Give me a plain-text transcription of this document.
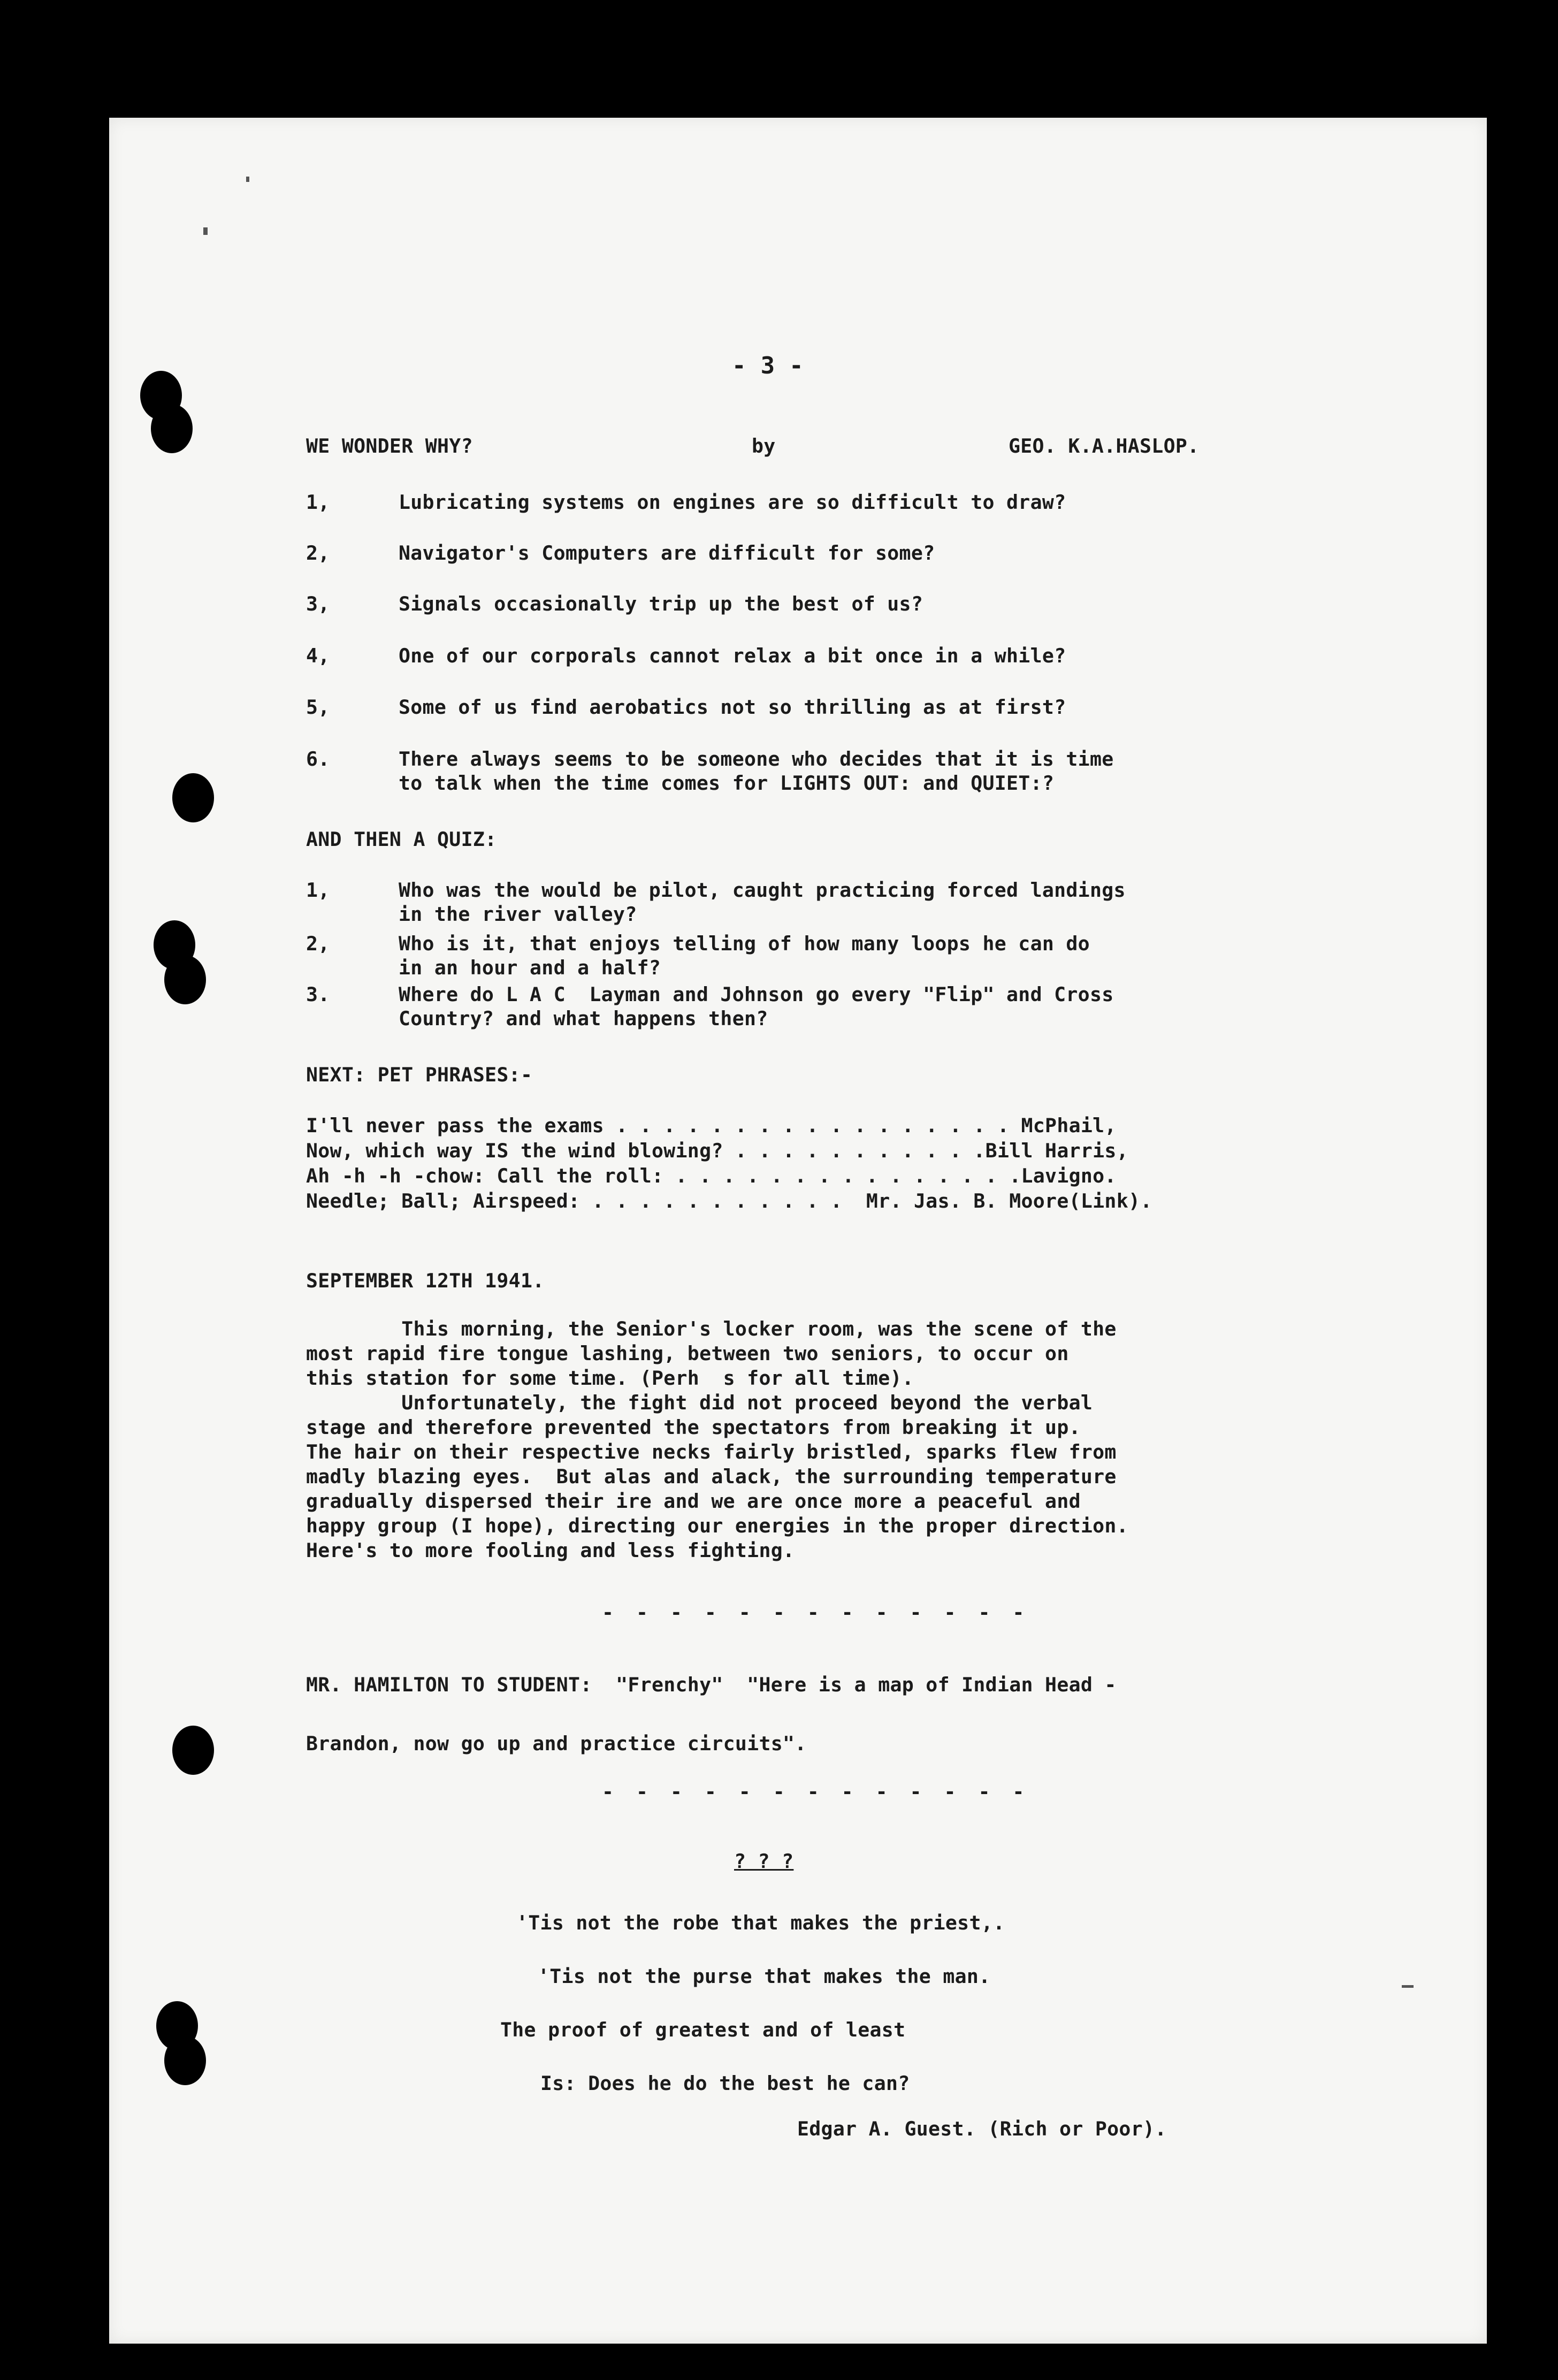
- 3 -
WE WONDER WHY?	by	GEO. K.A.HASLOP.
1,	Lubricating systems on engines are so difficult to draw?
2,	Navigator's Computers are difficult for some?
3,	Signals occasionally trip up the best of us?
4,	One of our corporals cannot relax a bit once in a while?
5,	Some of us find aerobatics not so thrilling as at first?
6.	There always seems to be someone who decides that it is time
to talk when the time comes for LIGHTS OUT: and QUIET:?
AND THEN A QUIZ:
1,	Who was the would be pilot, caught practicing forced landings
in the river valley?
2,	Who is it, that enjoys telling of how many loops he can do
in an hour and a half?
3.	Where do L A C  Layman and Johnson go every "Flip" and Cross
Country? and what happens then?
NEXT: PET PHRASES:-
I'll never pass the exams . . . . . . . . . . . . . . . . . McPhail,
Now, which way IS the wind blowing? . . . . . . . . . . .Bill Harris,
Ah -h -h -chow: Call the roll: . . . . . . . . . . . . . . .Lavigno.
Needle; Ball; Airspeed: . . . . . . . . . . .  Mr. Jas. B. Moore(Link).
SEPTEMBER 12TH 1941.
This morning, the Senior's locker room, was the scene of the
most rapid fire tongue lashing, between two seniors, to occur on
this station for some time. (Perh  s for all time).
Unfortunately, the fight did not proceed beyond the verbal
stage and therefore prevented the spectators from breaking it up.
The hair on their respective necks fairly bristled, sparks flew from
madly blazing eyes.  But alas and alack, the surrounding temperature
gradually dispersed their ire and we are once more a peaceful and
happy group (I hope), directing our energies in the proper direction.
Here's to more fooling and less fighting.
- - - - - - - - - - - - -
MR. HAMILTON TO STUDENT:  "Frenchy"  "Here is a map of Indian Head -
Brandon, now go up and practice circuits".
- - - - - - - - - - - - -
? ? ?
'Tis not the robe that makes the priest,.
'Tis not the purse that makes the man.
The proof of greatest and of least
Is: Does he do the best he can?
Edgar A. Guest. (Rich or Poor).
